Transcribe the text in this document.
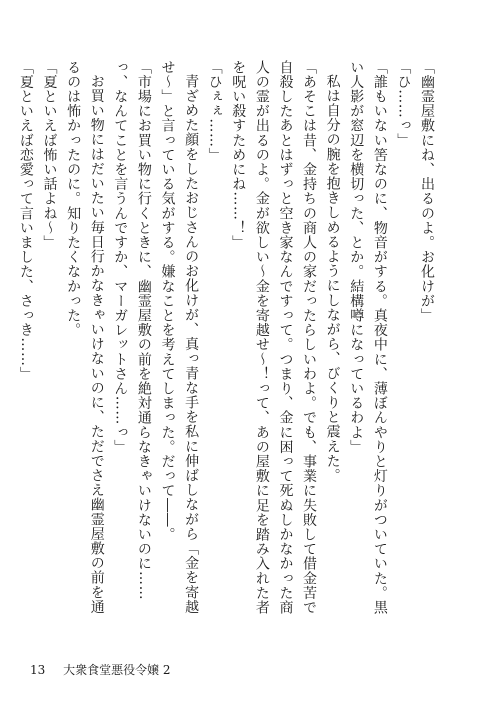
「幽霊屋敷にね、出るのよ。お化けが」

「ひ……っ」

「誰もいない筈なのに、物音がする。真夜中に、薄ぼんやりと灯りがついていた。黒い人影が窓辺を横切った、とか。結構噂になっているわよ」

私は自分の腕を抱きしめるようにしながら、びくりと震えた。

「あそこは昔、金持ちの商人の家だったらしいわよ。でも、事業に失敗して借金苦で自殺したあとはずっと空き家なんですって。つまり、金に困って死ぬしかなかった商人の霊が出るのよ。金が欲しい～金を寄越せ～！って、あの屋敷に足を踏み入れた者を呪い殺すためにね……！」

「ひぇぇ……」

青ざめた顔をしたおじさんのお化けが、真っ青な手を私に伸ばしながら「金を寄越せ～」と言っている気がする。嫌なことを考えてしまった。だって――。

「市場にお買い物に行くときに、幽霊屋敷の前を絶対通らなきゃいけないのに……っ、なんてことを言うんですか、マーガレットさん……っ」

お買い物にはだいたい毎日行かなきゃいけないのに、ただでさえ幽霊屋敷の前を通るのは怖かったのに。知りたくなかった。

「夏といえば怖い話よね～」

「夏といえば恋愛って言いました、さっき……」

13 大衆食堂悪役令嬢 2
